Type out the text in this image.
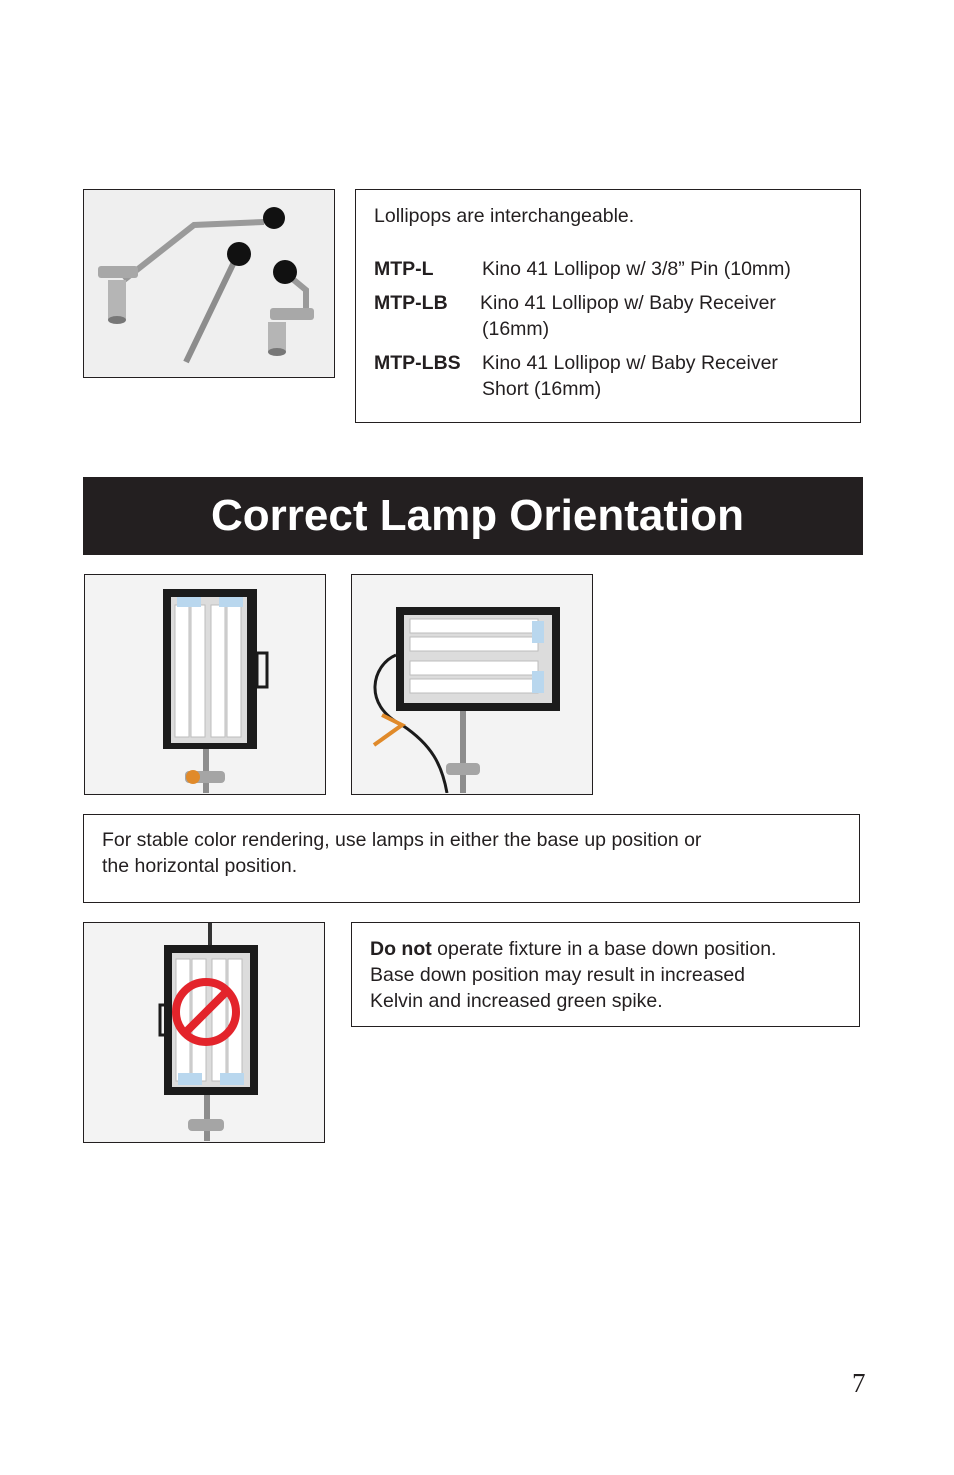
Lollipops are interchangeable.
MTP-L Kino 41 Lollipop w/ 3/8” Pin (10mm)
MTP-LB Kino 41 Lollipop w/ Baby Receiver
(16mm)
MTP-LBS Kino 41 Lollipop w/ Baby Receiver
Short (16mm)
Correct Lamp Orientation
For stable color rendering, use lamps in either the base up position or
the horizontal position.
Do not operate fixture in a base down position.
Base down position may result in increased
Kelvin and increased green spike.
7
